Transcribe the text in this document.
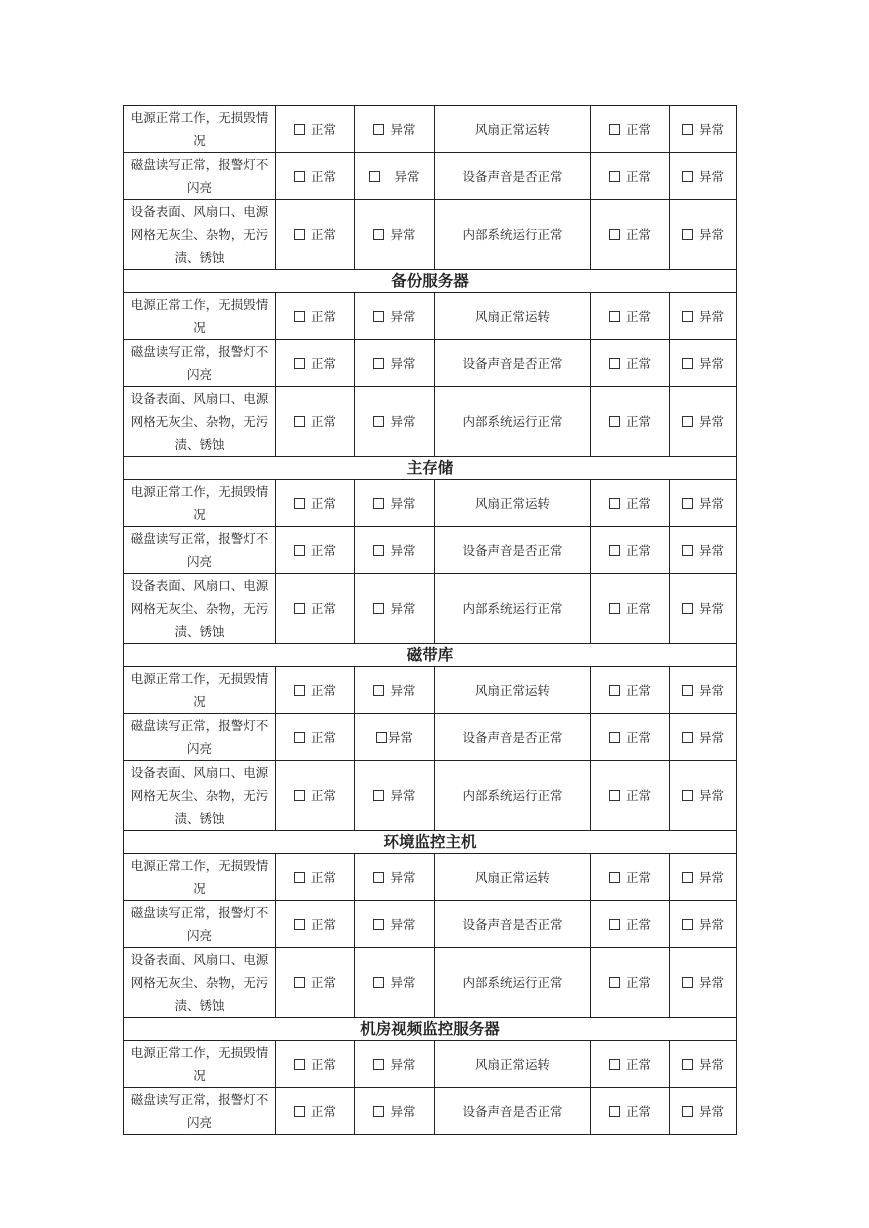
电源正常工作，无损毁情况	正常	异常	风扇正常运转	正常	异常
磁盘读写正常，报警灯不闪亮	正常	异常	设备声音是否正常	正常	异常
设备表面、风扇口、电源网格无灰尘、杂物，无污渍、锈蚀	正常	异常	内部系统运行正常	正常	异常
备份服务器					
电源正常工作，无损毁情况	正常	异常	风扇正常运转	正常	异常
磁盘读写正常，报警灯不闪亮	正常	异常	设备声音是否正常	正常	异常
设备表面、风扇口、电源网格无灰尘、杂物，无污渍、锈蚀	正常	异常	内部系统运行正常	正常	异常
主存储					
电源正常工作，无损毁情况	正常	异常	风扇正常运转	正常	异常
磁盘读写正常，报警灯不闪亮	正常	异常	设备声音是否正常	正常	异常
设备表面、风扇口、电源网格无灰尘、杂物，无污渍、锈蚀	正常	异常	内部系统运行正常	正常	异常
磁带库					
电源正常工作，无损毁情况	正常	异常	风扇正常运转	正常	异常
磁盘读写正常，报警灯不闪亮	正常	异常	设备声音是否正常	正常	异常
设备表面、风扇口、电源网格无灰尘、杂物，无污渍、锈蚀	正常	异常	内部系统运行正常	正常	异常
环境监控主机					
电源正常工作，无损毁情况	正常	异常	风扇正常运转	正常	异常
磁盘读写正常，报警灯不闪亮	正常	异常	设备声音是否正常	正常	异常
设备表面、风扇口、电源网格无灰尘、杂物，无污渍、锈蚀	正常	异常	内部系统运行正常	正常	异常
机房视频监控服务器					
电源正常工作，无损毁情况	正常	异常	风扇正常运转	正常	异常
磁盘读写正常，报警灯不闪亮	正常	异常	设备声音是否正常	正常	异常
